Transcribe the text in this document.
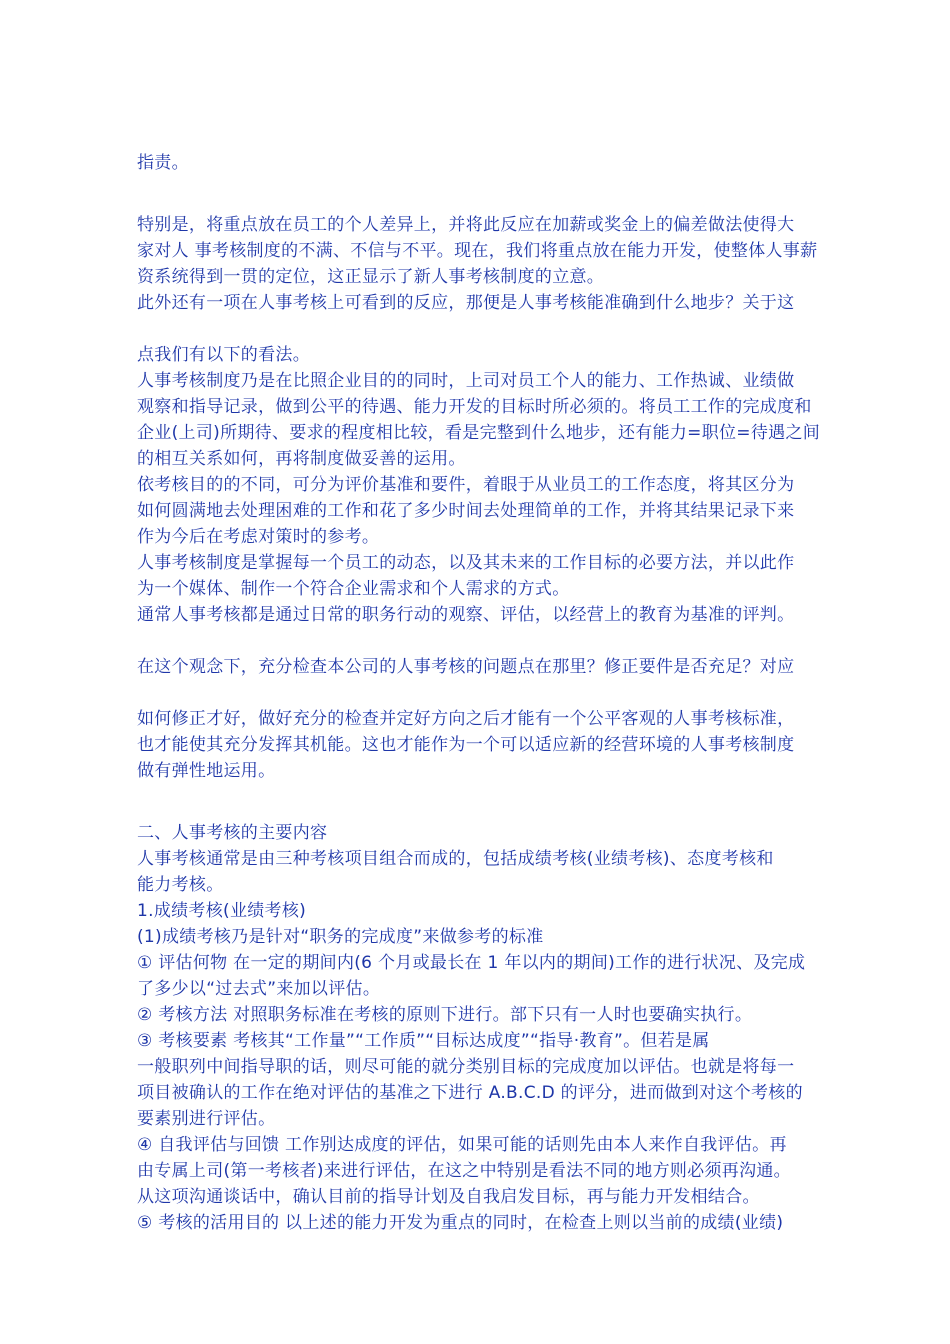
指责。
特别是，将重点放在员工的个人差异上，并将此反应在加薪或奖金上的偏差做法使得大
家对人 事考核制度的不满、不信与不平。现在，我们将重点放在能力开发，使整体人事薪
资系统得到一贯的定位，这正显示了新人事考核制度的立意。
此外还有一项在人事考核上可看到的反应，那便是人事考核能准确到什么地步？关于这
点我们有以下的看法。
人事考核制度乃是在比照企业目的的同时，上司对员工个人的能力、工作热诚、业绩做
观察和指导记录，做到公平的待遇、能力开发的目标时所必须的。将员工工作的完成度和
企业(上司)所期待、要求的程度相比较，看是完整到什么地步，还有能力=职位=待遇之间
的相互关系如何，再将制度做妥善的运用。
依考核目的的不同，可分为评价基准和要件，着眼于从业员工的工作态度，将其区分为
如何圆满地去处理困难的工作和花了多少时间去处理简单的工作，并将其结果记录下来
作为今后在考虑对策时的参考。
人事考核制度是掌握每一个员工的动态，以及其未来的工作目标的必要方法，并以此作
为一个媒体、制作一个符合企业需求和个人需求的方式。
通常人事考核都是通过日常的职务行动的观察、评估，以经营上的教育为基准的评判。
在这个观念下，充分检查本公司的人事考核的问题点在那里？修正要件是否充足？对应
如何修正才好，做好充分的检查并定好方向之后才能有一个公平客观的人事考核标准，
也才能使其充分发挥其机能。这也才能作为一个可以适应新的经营环境的人事考核制度
做有弹性地运用。
二、人事考核的主要内容
人事考核通常是由三种考核项目组合而成的，包括成绩考核(业绩考核)、态度考核和
能力考核。
1.成绩考核(业绩考核)
(1)成绩考核乃是针对“职务的完成度”来做参考的标准
① 评估何物 在一定的期间内(6 个月或最长在 1 年以内的期间)工作的进行状况、及完成
了多少以“过去式”来加以评估。
② 考核方法 对照职务标准在考核的原则下进行。部下只有一人时也要确实执行。
③ 考核要素 考核其“工作量”“工作质”“目标达成度”“指导·教育”。但若是属
一般职列中间指导职的话，则尽可能的就分类别目标的完成度加以评估。也就是将每一
项目被确认的工作在绝对评估的基准之下进行 A.B.C.D 的评分，进而做到对这个考核的
要素别进行评估。
④ 自我评估与回馈 工作别达成度的评估，如果可能的话则先由本人来作自我评估。再
由专属上司(第一考核者)来进行评估，在这之中特别是看法不同的地方则必须再沟通。
从这项沟通谈话中，确认目前的指导计划及自我启发目标，再与能力开发相结合。
⑤ 考核的活用目的 以上述的能力开发为重点的同时，在检查上则以当前的成绩(业绩)
